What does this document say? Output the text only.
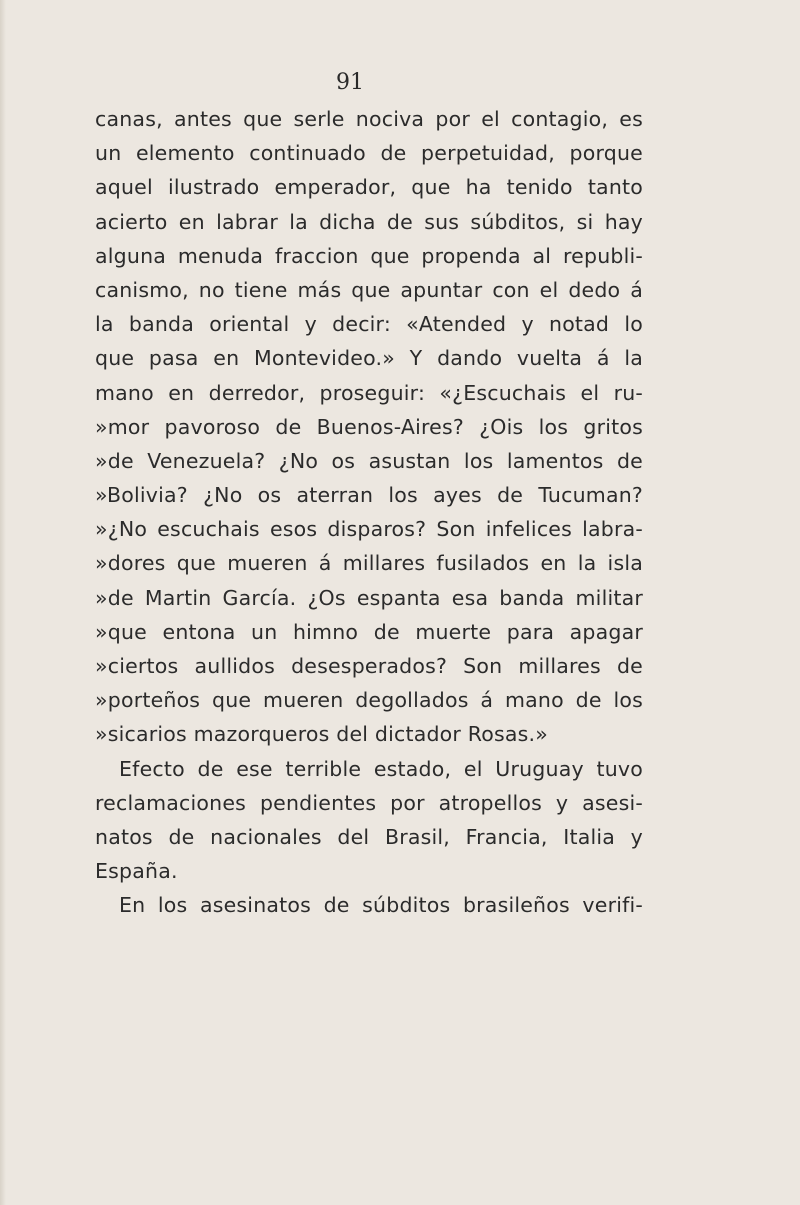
91
canas, antes que serle nociva por el contagio, es
un elemento continuado de perpetuidad, porque
aquel ilustrado emperador, que ha tenido tanto
acierto en labrar la dicha de sus súbditos, si hay
alguna menuda fraccion que propenda al republi-
canismo, no tiene más que apuntar con el dedo á
la banda oriental y decir: «Atended y notad lo
que pasa en Montevideo.» Y dando vuelta á la
mano en derredor, proseguir: «¿Escuchais el ru-
»mor pavoroso de Buenos-Aires? ¿Ois los gritos
»de Venezuela? ¿No os asustan los lamentos de
»Bolivia? ¿No os aterran los ayes de Tucuman?
»¿No escuchais esos disparos? Son infelices labra-
»dores que mueren á millares fusilados en la isla
»de Martin García. ¿Os espanta esa banda militar
»que entona un himno de muerte para apagar
»ciertos aullidos desesperados? Son millares de
»porteños que mueren degollados á mano de los
»sicarios mazorqueros del dictador Rosas.»
Efecto de ese terrible estado, el Uruguay tuvo
reclamaciones pendientes por atropellos y asesi-
natos de nacionales del Brasil, Francia, Italia y
España.
En los asesinatos de súbditos brasileños verifi-
